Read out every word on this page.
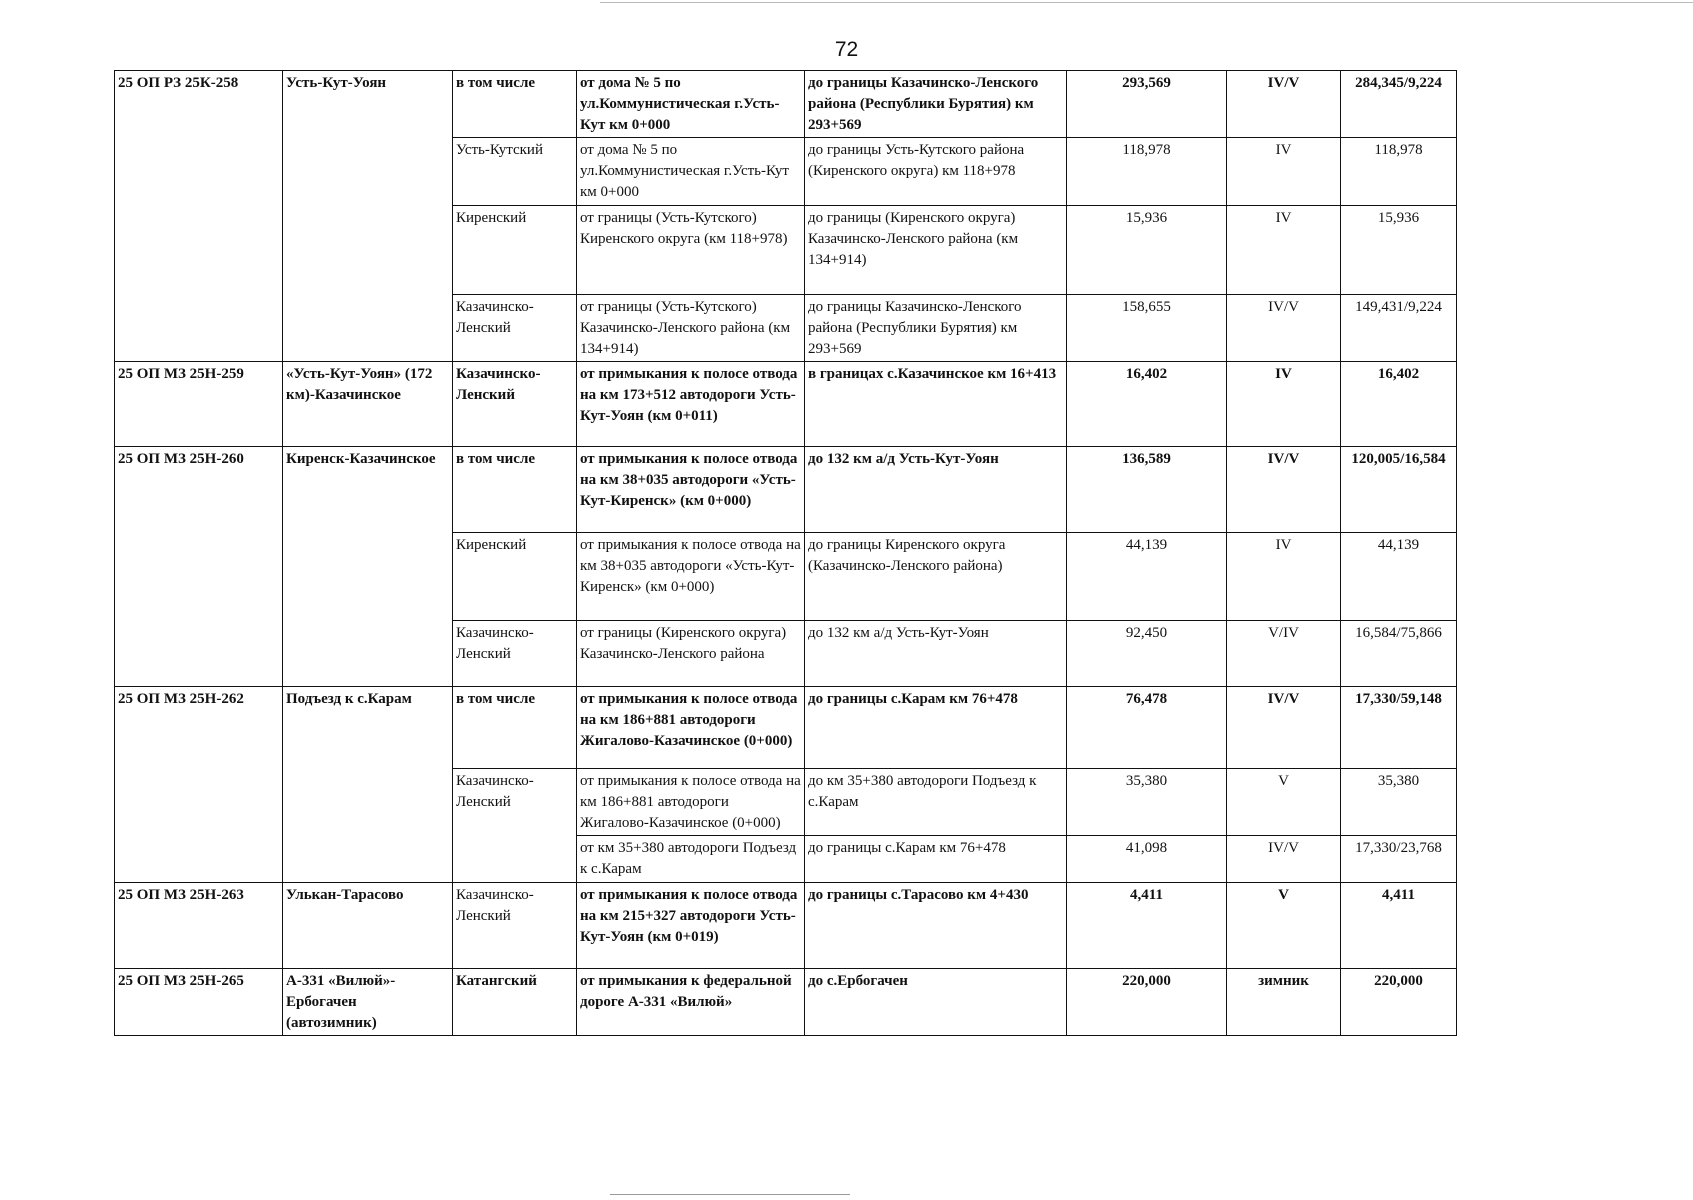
72
25 ОП РЗ 25К-258	Усть-Кут-Уоян	в том числе	от дома № 5 по ул.Коммунистическая г.Усть-Кут км 0+000	до границы Казачинско-Ленского района (Республики Бурятия) км 293+569	293,569	IV/V	284,345/9,224
		Усть-Кутский	от дома № 5 по ул.Коммунистическая г.Усть-Кут км 0+000	до границы Усть-Кутского района (Киренского округа) км 118+978	118,978	IV	118,978
		Киренский	от границы (Усть-Кутского) Киренского округа (км 118+978)	до границы (Киренского округа) Казачинско-Ленского района (км 134+914)	15,936	IV	15,936
		Казачинско-Ленский	от границы (Усть-Кутского) Казачинско-Ленского района (км 134+914)	до границы Казачинско-Ленского района (Республики Бурятия) км 293+569	158,655	IV/V	149,431/9,224
25 ОП МЗ 25Н-259	«Усть-Кут-Уоян» (172 км)-Казачинское	Казачинско-Ленский	от примыкания к полосе отвода на км 173+512 автодороги Усть-Кут-Уоян (км 0+011)	в границах с.Казачинское км 16+413	16,402	IV	16,402
25 ОП МЗ 25Н-260	Киренск-Казачинское	в том числе	от примыкания к полосе отвода на км 38+035 автодороги «Усть-Кут-Киренск» (км 0+000)	до 132 км а/д Усть-Кут-Уоян	136,589	IV/V	120,005/16,584
		Киренский	от примыкания к полосе отвода на км 38+035 автодороги «Усть-Кут-Киренск» (км 0+000)	до границы Киренского округа (Казачинско-Ленского района)	44,139	IV	44,139
		Казачинско-Ленский	от границы (Киренского округа) Казачинско-Ленского района	до 132 км а/д Усть-Кут-Уоян	92,450	V/IV	16,584/75,866
25 ОП МЗ 25Н-262	Подъезд к с.Карам	в том числе	от примыкания к полосе отвода на км 186+881 автодороги Жигалово-Казачинское (0+000)	до границы с.Карам км 76+478	76,478	IV/V	17,330/59,148
		Казачинско-Ленский	от примыкания к полосе отвода на км 186+881 автодороги Жигалово-Казачинское (0+000)	до км 35+380 автодороги Подъезд к с.Карам	35,380	V	35,380
			от км 35+380 автодороги Подъезд к с.Карам	до границы с.Карам км 76+478	41,098	IV/V	17,330/23,768
25 ОП МЗ 25Н-263	Улькан-Тарасово	Казачинско-Ленский	от примыкания к полосе отвода на км 215+327 автодороги Усть-Кут-Уоян (км 0+019)	до границы с.Тарасово км 4+430	4,411	V	4,411
25 ОП МЗ 25Н-265	А-331 «Вилюй»-Ербогачен (автозимник)	Катангский	от примыкания к федеральной дороге А-331 «Вилюй»	до с.Ербогачен	220,000	зимник	220,000
